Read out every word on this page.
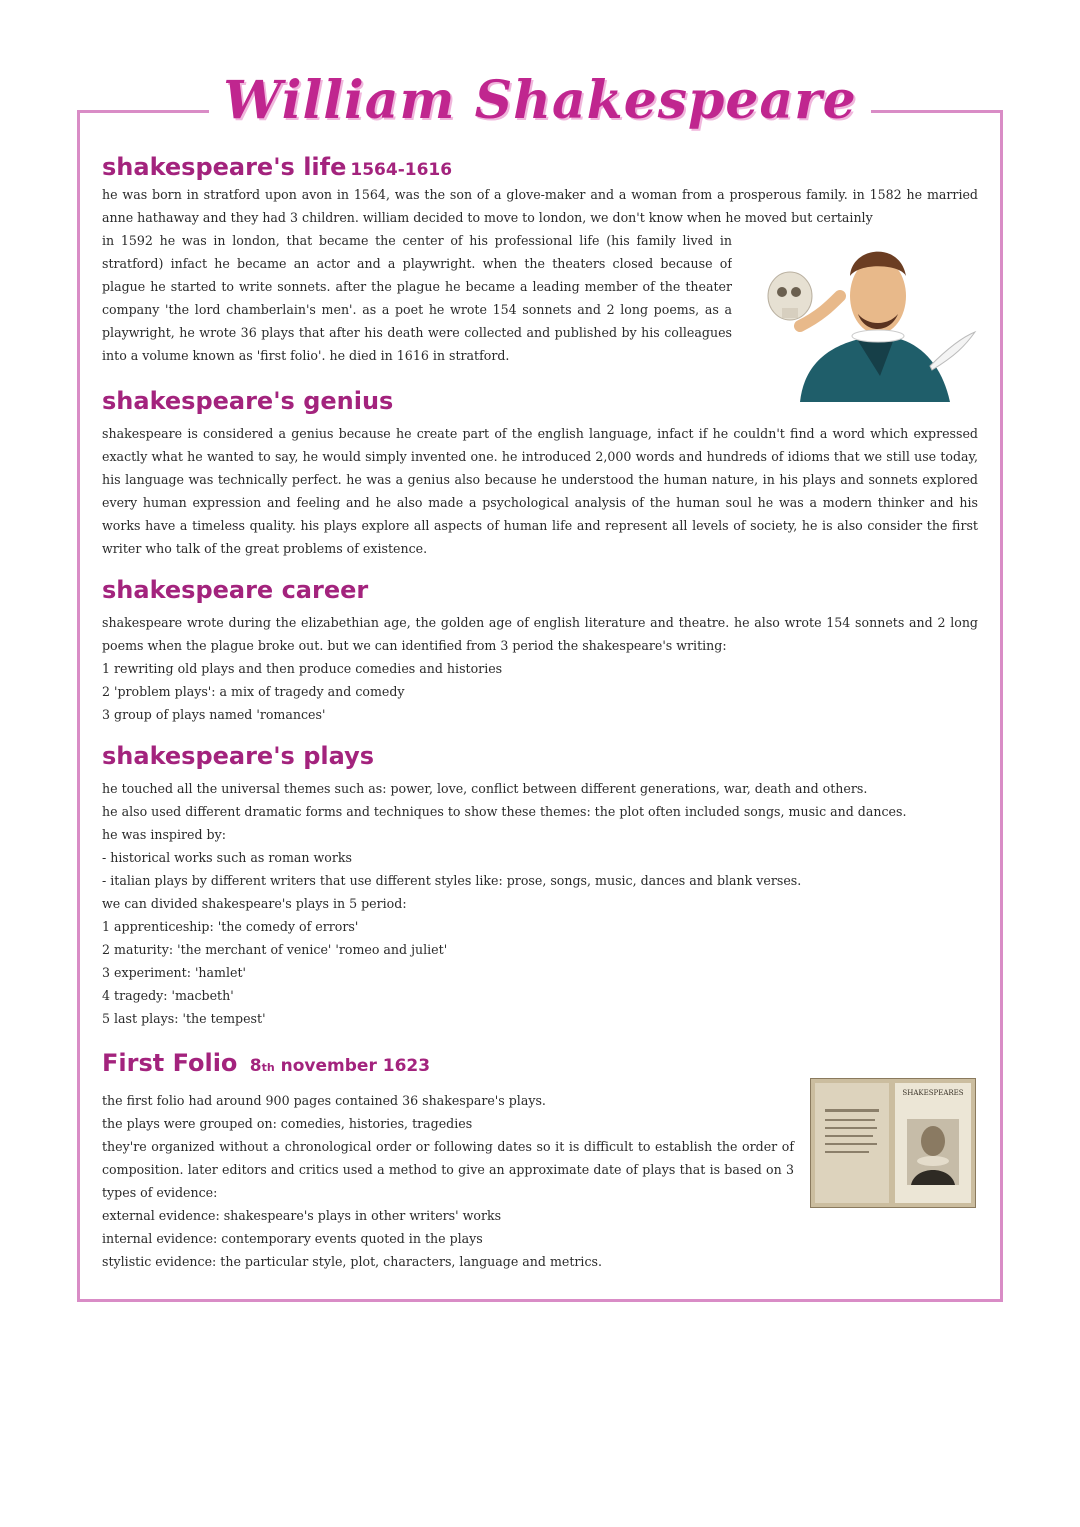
William Shakespeare
shakespeare's life 1564-1616

he was born in stratford upon avon in 1564, was the son of a glove-maker and a woman from a prosperous family. in 1582 he married anne hathaway and they had 3 children. william decided to move to london, we don't know when he moved but certainly

in 1592 he was in london, that became the center of his professional life (his family lived in stratford) infact he became an actor and a playwright. when the theaters closed because of plague he started to write sonnets. after the plague he became a leading member of the theater company 'the lord chamberlain's men'. as a poet he wrote 154 sonnets and 2 long poems, as a playwright, he wrote 36 plays that after his death were collected and published by his colleagues into a volume known as 'first folio'. he died in 1616 in stratford.

shakespeare's genius

shakespeare is considered a genius because he create part of the english language, infact if he couldn't find a word which expressed exactly what he wanted to say, he would simply invented one. he introduced 2,000 words and hundreds of idioms that we still use today, his language was technically perfect. he was a genius also because he understood the human nature, in his plays and sonnets explored every human expression and feeling and he also made a psychological analysis of the human soul he was a modern thinker and his works have a timeless quality. his plays explore all aspects of human life and represent all levels of society, he is also consider the first writer who talk of the great problems of existence.

shakespeare career

shakespeare wrote during the elizabethian age, the golden age of english literature and theatre. he also wrote 154 sonnets and 2 long poems when the plague broke out. but we can identified from 3 period the shakespeare's writing:

1 rewriting old plays and then produce comedies and histories

2 'problem plays': a mix of tragedy and comedy

3 group of plays named 'romances'

shakespeare's plays

he touched all the universal themes such as: power, love, conflict between different generations, war, death and others.

he also used different dramatic forms and techniques to show these themes: the plot often included songs, music and dances.

he was inspired by:

- historical works such as roman works

- italian plays by different writers that use different styles like: prose, songs, music, dances and blank verses.

we can divided shakespeare's plays in 5 period:

1 apprenticeship: 'the comedy of errors'

2 maturity: 'the merchant of venice' 'romeo and juliet'

3 experiment: 'hamlet'

4 tragedy: 'macbeth'

5 last plays: 'the tempest'

First Folio 8th november 1623

the first folio had around 900 pages contained 36 shakespare's plays.

the plays were grouped on: comedies, histories, tragedies

they're organized without a chronological order or following dates so it is difficult to establish the order of composition. later editors and critics used a method to give an approximate date of plays that is based on 3 types of evidence:

external evidence: shakespeare's plays in other writers' works

internal evidence: contemporary events quoted in the plays

stylistic evidence: the particular style, plot, characters, language and metrics.

SHAKESPEARES
